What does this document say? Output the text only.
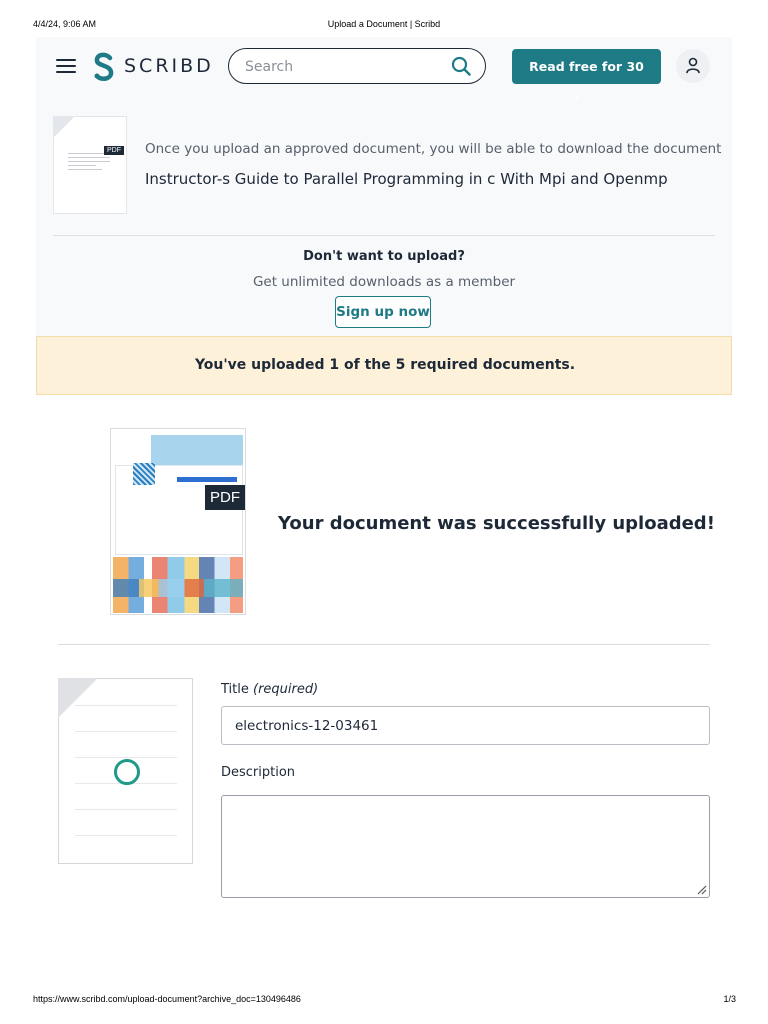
4/4/24, 9:06 AM	Upload a Document | Scribd
SCRIBD
Search	Read free for 30
PDF Once you upload an approved document, you will be able to download the document
Instructor-s Guide to Parallel Programming in c With Mpi and Openmp
Don't want to upload?
Get unlimited downloads as a member
Sign up now
You've uploaded 1 of the 5 required documents.
PDF
Your document was successfully uploaded!
Title (required)
electronics-12-03461
Description
https://www.scribd.com/upload-document?archive_doc=130496486	1/3
